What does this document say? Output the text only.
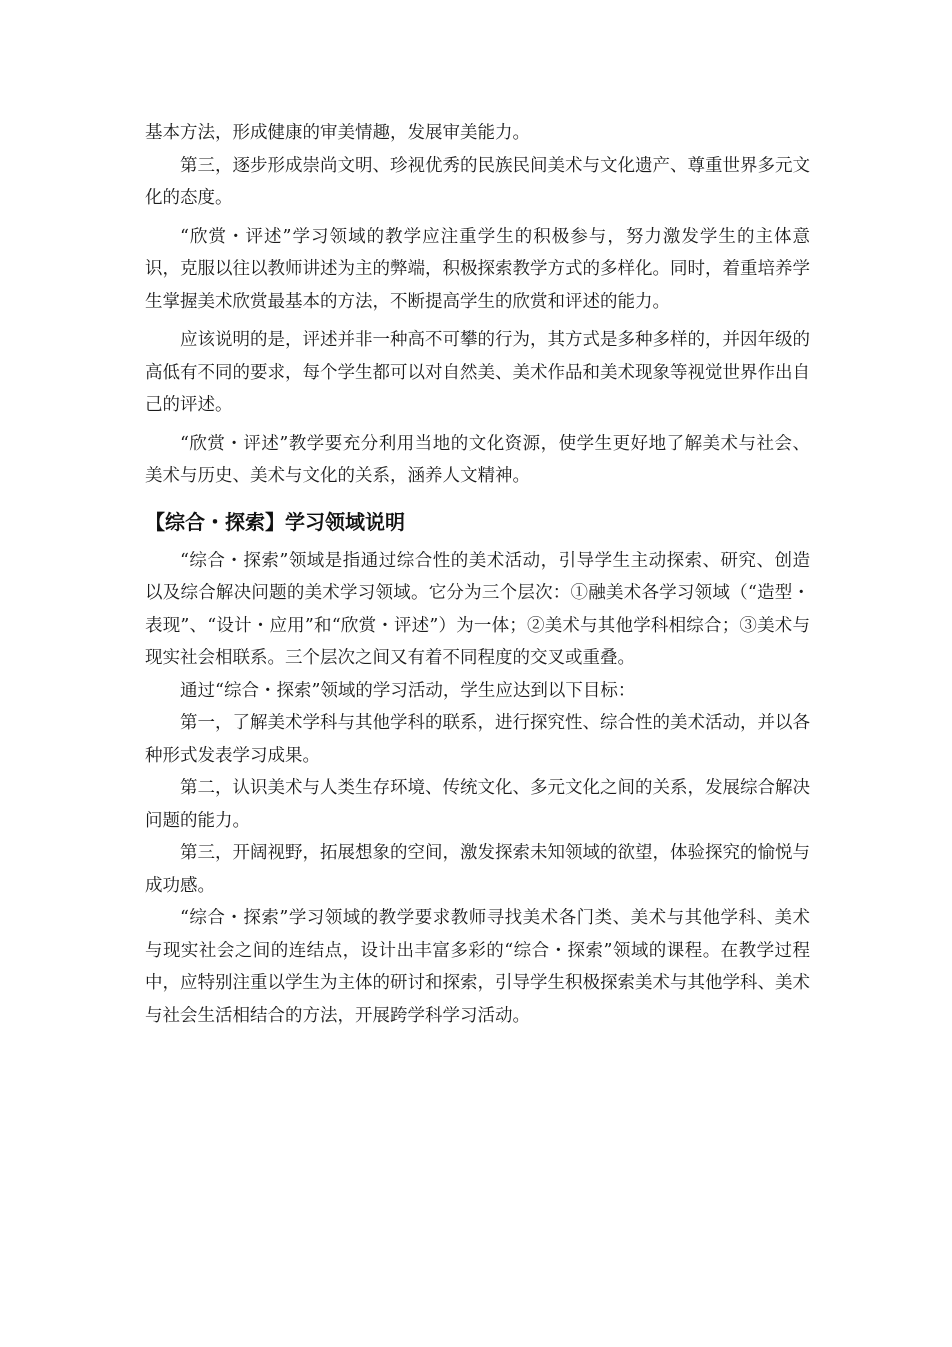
基本方法，形成健康的审美情趣，发展审美能力。

第三，逐步形成崇尚文明、珍视优秀的民族民间美术与文化遗产、尊重世界多元文化的态度。

“欣赏・评述”学习领域的教学应注重学生的积极参与，努力激发学生的主体意识，克服以往以教师讲述为主的弊端，积极探索教学方式的多样化。同时，着重培养学生掌握美术欣赏最基本的方法，不断提高学生的欣赏和评述的能力。

应该说明的是，评述并非一种高不可攀的行为，其方式是多种多样的，并因年级的高低有不同的要求，每个学生都可以对自然美、美术作品和美术现象等视觉世界作出自己的评述。

“欣赏・评述”教学要充分利用当地的文化资源，使学生更好地了解美术与社会、美术与历史、美术与文化的关系，涵养人文精神。

【综合・探索】学习领域说明

“综合・探索”领域是指通过综合性的美术活动，引导学生主动探索、研究、创造以及综合解决问题的美术学习领域。它分为三个层次：①融美术各学习领域（“造型・表现”、“设计・应用”和“欣赏・评述”）为一体；②美术与其他学科相综合；③美术与现实社会相联系。三个层次之间又有着不同程度的交叉或重叠。

通过“综合・探索”领域的学习活动，学生应达到以下目标：

第一，了解美术学科与其他学科的联系，进行探究性、综合性的美术活动，并以各种形式发表学习成果。

第二，认识美术与人类生存环境、传统文化、多元文化之间的关系，发展综合解决问题的能力。

第三，开阔视野，拓展想象的空间，激发探索未知领域的欲望，体验探究的愉悦与成功感。

“综合・探索”学习领域的教学要求教师寻找美术各门类、美术与其他学科、美术与现实社会之间的连结点，设计出丰富多彩的“综合・探索”领域的课程。在教学过程中，应特别注重以学生为主体的研讨和探索，引导学生积极探索美术与其他学科、美术与社会生活相结合的方法，开展跨学科学习活动。
